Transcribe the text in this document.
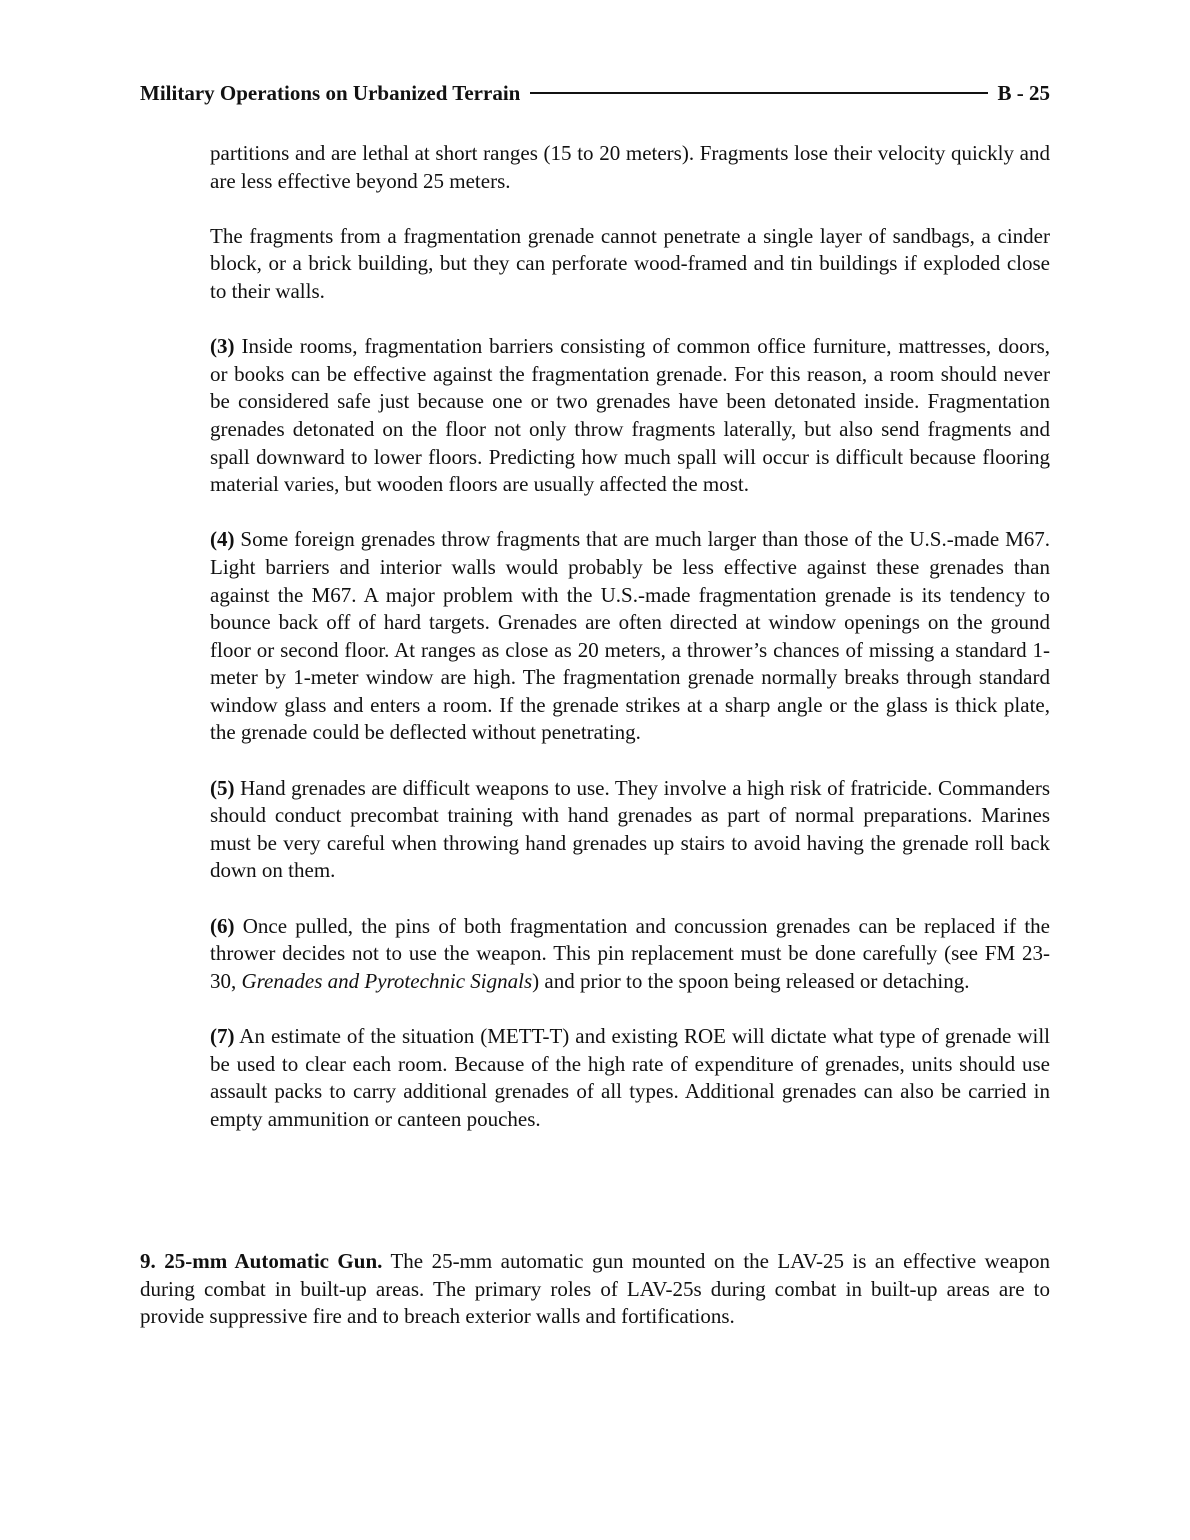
Military Operations on Urbanized Terrain	B - 25

partitions and are lethal at short ranges (15 to 20 meters). Fragments lose their velocity quickly and are less effective beyond 25 meters.

The fragments from a fragmentation grenade cannot penetrate a single layer of sandbags, a cinder block, or a brick building, but they can perforate wood-framed and tin buildings if exploded close to their walls.

(3) Inside rooms, fragmentation barriers consisting of common office furniture, mattresses, doors, or books can be effective against the fragmentation grenade. For this reason, a room should never be considered safe just because one or two grenades have been detonated inside. Fragmentation grenades detonated on the floor not only throw fragments laterally, but also send fragments and spall downward to lower floors. Predicting how much spall will occur is difficult because flooring material varies, but wooden floors are usually affected the most.

(4) Some foreign grenades throw fragments that are much larger than those of the U.S.-made M67. Light barriers and interior walls would probably be less effective against these grenades than against the M67. A major problem with the U.S.-made fragmentation grenade is its tendency to bounce back off of hard targets. Grenades are often directed at window openings on the ground floor or second floor. At ranges as close as 20 meters, a thrower’s chances of missing a standard 1-meter by 1-meter window are high. The fragmentation grenade normally breaks through standard window glass and enters a room. If the grenade strikes at a sharp angle or the glass is thick plate, the grenade could be deflected without penetrating.

(5) Hand grenades are difficult weapons to use. They involve a high risk of fratricide. Commanders should conduct precombat training with hand grenades as part of normal preparations. Marines must be very careful when throwing hand grenades up stairs to avoid having the grenade roll back down on them.

(6) Once pulled, the pins of both fragmentation and concussion grenades can be replaced if the thrower decides not to use the weapon. This pin replacement must be done carefully (see FM 23-30, Grenades and Pyrotechnic Signals) and prior to the spoon being released or detaching.

(7) An estimate of the situation (METT-T) and existing ROE will dictate what type of grenade will be used to clear each room. Because of the high rate of expenditure of grenades, units should use assault packs to carry additional grenades of all types. Additional grenades can also be carried in empty ammunition or canteen pouches.

9. 25-mm Automatic Gun. The 25-mm automatic gun mounted on the LAV-25 is an effective weapon during combat in built-up areas. The primary roles of LAV-25s during combat in built-up areas are to provide suppressive fire and to breach exterior walls and fortifications.
